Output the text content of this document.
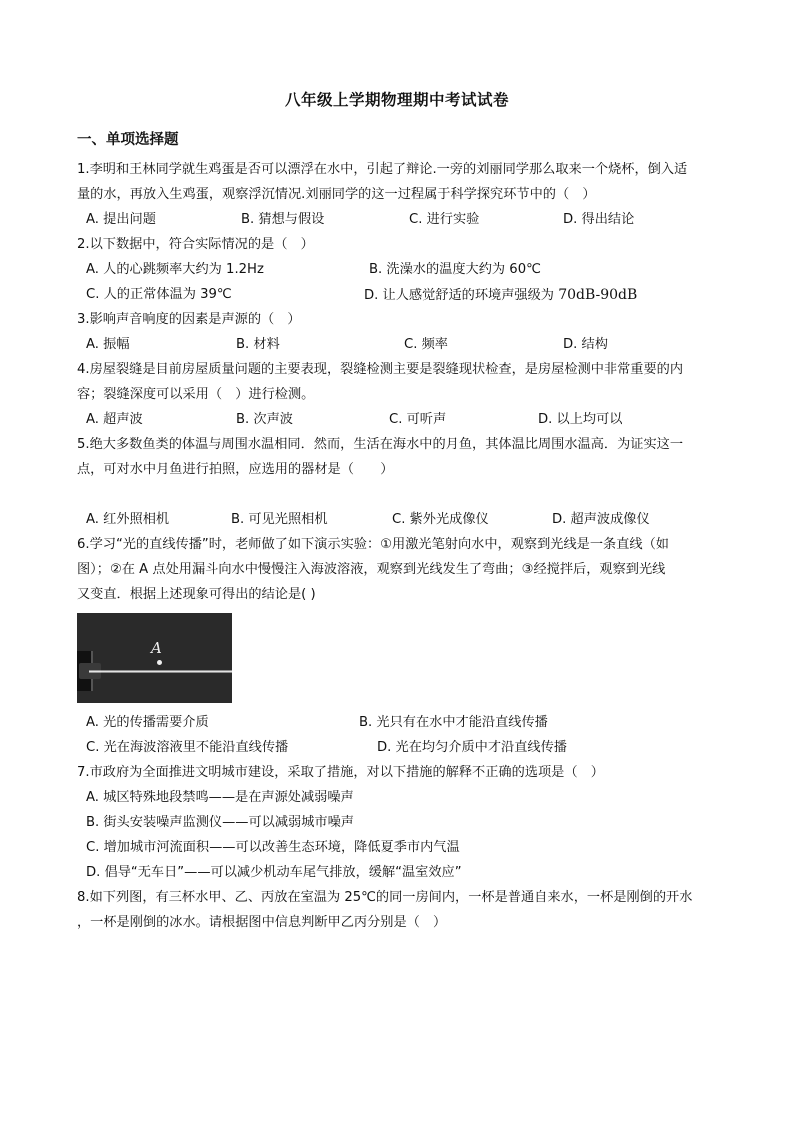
八年级上学期物理期中考试试卷
一、单项选择题
1.李明和王林同学就生鸡蛋是否可以漂浮在水中，引起了辩论.一旁的刘丽同学那么取来一个烧杯，倒入适
量的水，再放入生鸡蛋，观察浮沉情况.刘丽同学的这一过程属于科学探究环节中的（　）
A. 提出问题	B. 猜想与假设	C. 进行实验	D. 得出结论
2.以下数据中，符合实际情况的是（　）
A. 人的心跳频率大约为 1.2Hz	B. 洗澡水的温度大约为 60℃
C. 人的正常体温为 39℃	D. 让人感觉舒适的环境声强级为 70dB-90dB
3.影响声音响度的因素是声源的（　）
A. 振幅	B. 材料	C. 频率	D. 结构
4.房屋裂缝是目前房屋质量问题的主要表现，裂缝检测主要是裂缝现状检查，是房屋检测中非常重要的内
容；裂缝深度可以采用（　）进行检测。
A. 超声波	B. 次声波	C. 可听声	D. 以上均可以
5.绝大多数鱼类的体温与周围水温相同．然而，生活在海水中的月鱼，其体温比周围水温高．为证实这一
点，可对水中月鱼进行拍照，应选用的器材是（　　）
A. 红外照相机	B. 可见光照相机	C. 紫外光成像仪	D. 超声波成像仪
6.学习“光的直线传播”时，老师做了如下演示实验：①用激光笔射向水中，观察到光线是一条直线（如
图）；②在 A 点处用漏斗向水中慢慢注入海波溶液，观察到光线发生了弯曲；③经搅拌后，观察到光线
又变直．根据上述现象可得出的结论是( )
A
A. 光的传播需要介质	B. 光只有在水中才能沿直线传播
C. 光在海波溶液里不能沿直线传播	D. 光在均匀介质中才沿直线传播
7.市政府为全面推进文明城市建设，采取了措施，对以下措施的解释不正确的选项是（　）
A. 城区特殊地段禁鸣——是在声源处减弱噪声
B. 街头安装噪声监测仪——可以减弱城市噪声
C. 增加城市河流面积——可以改善生态环境，降低夏季市内气温
D. 倡导“无车日”——可以减少机动车尾气排放，缓解“温室效应”
8.如下列图，有三杯水甲、乙、丙放在室温为 25℃的同一房间内，一杯是普通自来水，一杯是刚倒的开水
，一杯是刚倒的冰水。请根据图中信息判断甲乙丙分别是（　）
